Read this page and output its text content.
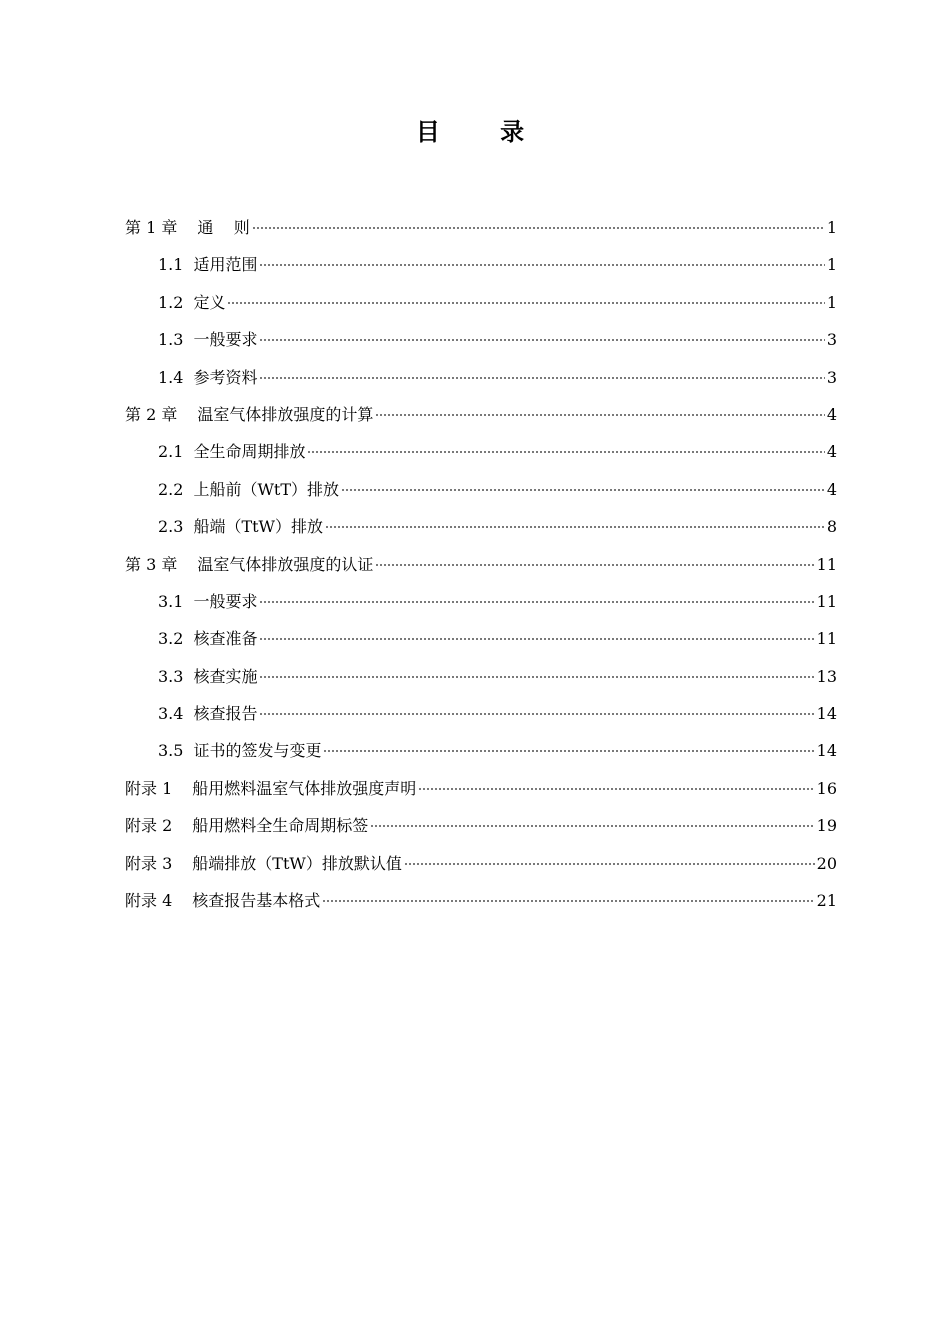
目 录
第 1 章 通    则	1
1.1 适用范围	1
1.2 定义	1
1.3 一般要求	3
1.4 参考资料	3
第 2 章 温室气体排放强度的计算	4
2.1 全生命周期排放	4
2.2 上船前（WtT）排放	4
2.3 船端（TtW）排放	8
第 3 章 温室气体排放强度的认证	11
3.1 一般要求	11
3.2 核查准备	11
3.3 核查实施	13
3.4 核查报告	14
3.5 证书的签发与变更	14
附录 1 船用燃料温室气体排放强度声明	16
附录 2 船用燃料全生命周期标签	19
附录 3 船端排放（TtW）排放默认值	20
附录 4 核查报告基本格式	21
